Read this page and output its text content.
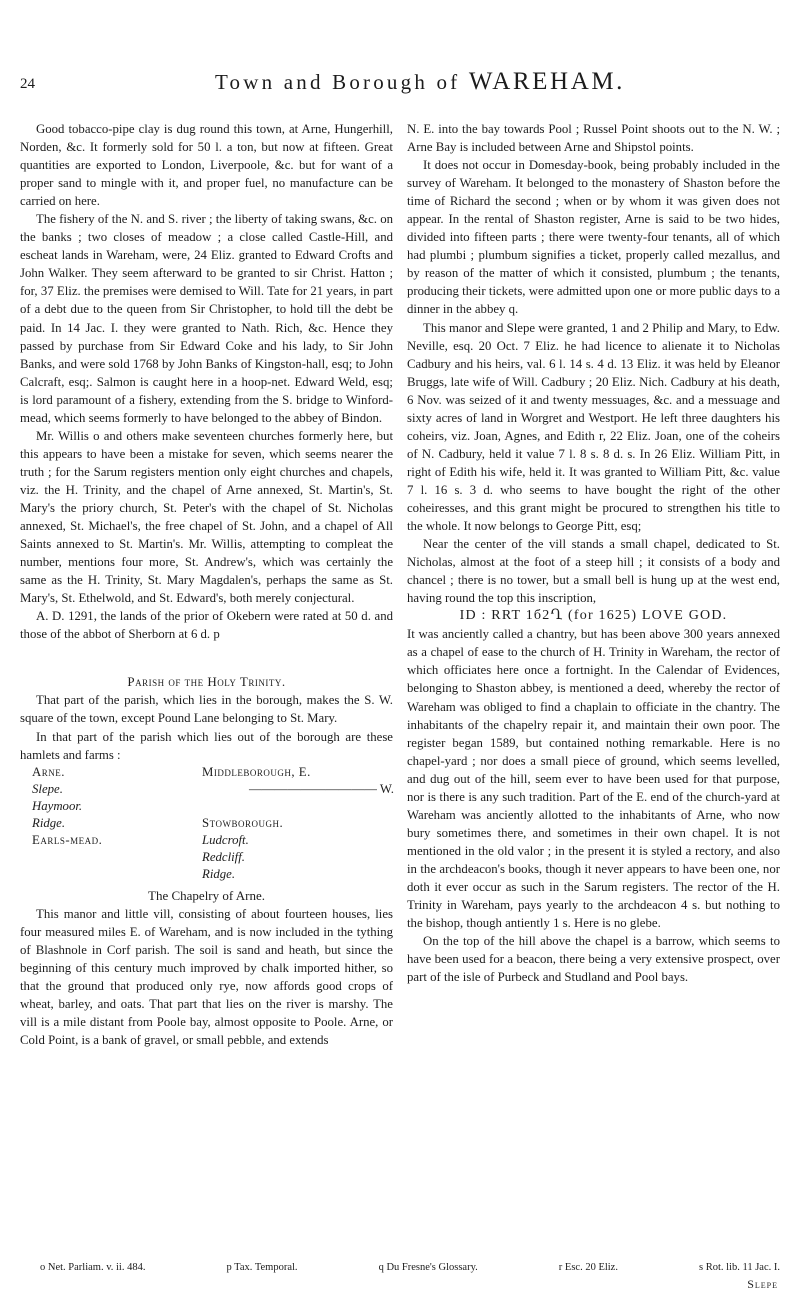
24	Town and Borough of WAREHAM.

Good tobacco-pipe clay is dug round this town, at Arne, Hungerhill, Norden, &c. It formerly sold for 50 l. a ton, but now at fifteen. Great quantities are exported to London, Liverpoole, &c. but for want of a proper sand to mingle with it, and proper fuel, no manufacture can be carried on here.

The fishery of the N. and S. river ; the liberty of taking swans, &c. on the banks ; two closes of meadow ; a close called Castle-Hill, and escheat lands in Wareham, were, 24 Eliz. granted to Edward Crofts and John Walker. They seem afterward to be granted to sir Christ. Hatton ; for, 37 Eliz. the premises were demised to Will. Tate for 21 years, in part of a debt due to the queen from Sir Christopher, to hold till the debt be paid. In 14 Jac. I. they were granted to Nath. Rich, &c. Hence they passed by purchase from Sir Edward Coke and his lady, to Sir John Banks, and were sold 1768 by John Banks of Kingston-hall, esq; to John Calcraft, esq;. Salmon is caught here in a hoop-net. Edward Weld, esq; is lord paramount of a fishery, extending from the S. bridge to Winford-mead, which seems formerly to have belonged to the abbey of Bindon.

Mr. Willis o and others make seventeen churches formerly here, but this appears to have been a mistake for seven, which seems nearer the truth ; for the Sarum registers mention only eight churches and chapels, viz. the H. Trinity, and the chapel of Arne annexed, St. Martin's, St. Mary's the priory church, St. Peter's with the chapel of St. Nicholas annexed, St. Michael's, the free chapel of St. John, and a chapel of All Saints annexed to St. Martin's. Mr. Willis, attempting to compleat the number, mentions four more, St. Andrew's, which was certainly the same as the H. Trinity, St. Mary Magdalen's, perhaps the same as St. Mary's, St. Ethelwold, and St. Edward's, both merely conjectural.

A. D. 1291, the lands of the prior of Okebern were rated at 50 d. and those of the abbot of Sherborn at 6 d. p

Parish of the Holy Trinity.

That part of the parish, which lies in the borough, makes the S. W. square of the town, except Pound Lane belonging to St. Mary.

In that part of the parish which lies out of the borough are these hamlets and farms :

Arne.	Middleborough, E.
Slepe.	—————————— W.
Haymoor.
Ridge.	Stowborough.
Earls-mead.	Ludcroft.
Redcliff.
Ridge.

The Chapelry of Arne.

This manor and little vill, consisting of about fourteen houses, lies four measured miles E. of Wareham, and is now included in the tything of Blashnole in Corf parish. The soil is sand and heath, but since the beginning of this century much improved by chalk imported hither, so that the ground that produced only rye, now affords good crops of wheat, barley, and oats. That part that lies on the river is marshy. The vill is a mile distant from Poole bay, almost opposite to Poole. Arne, or Cold Point, is a bank of gravel, or small pebble, and extends

N. E. into the bay towards Pool ; Russel Point shoots out to the N. W. ; Arne Bay is included between Arne and Shipstol points.

It does not occur in Domesday-book, being probably included in the survey of Wareham. It belonged to the monastery of Shaston before the time of Richard the second ; when or by whom it was given does not appear. In the rental of Shaston register, Arne is said to be two hides, divided into fifteen parts ; there were twenty-four tenants, all of which had plumbi ; plumbum signifies a ticket, properly called mezallus, and by reason of the matter of which it consisted, plumbum ; the tenants, producing their tickets, were admitted upon one or more public days to a dinner in the abbey q.

This manor and Slepe were granted, 1 and 2 Philip and Mary, to Edw. Neville, esq. 20 Oct. 7 Eliz. he had licence to alienate it to Nicholas Cadbury and his heirs, val. 6 l. 14 s. 4 d. 13 Eliz. it was held by Eleanor Bruggs, late wife of Will. Cadbury ; 20 Eliz. Nich. Cadbury at his death, 6 Nov. was seized of it and twenty messuages, &c. and a messuage and sixty acres of land in Worgret and Westport. He left three daughters his coheirs, viz. Joan, Agnes, and Edith r, 22 Eliz. Joan, one of the coheirs of N. Cadbury, held it value 7 l. 8 s. 8 d. s. In 26 Eliz. William Pitt, in right of Edith his wife, held it. It was granted to William Pitt, &c. value 7 l. 16 s. 3 d. who seems to have bought the right of the other coheiresses, and this grant might be procured to strengthen his title to the whole. It now belongs to George Pitt, esq;

Near the center of the vill stands a small chapel, dedicated to St. Nicholas, almost at the foot of a steep hill ; it consists of a body and chancel ; there is no tower, but a small bell is hung up at the west end, having round the top this inscription,

ID : RRT 1б2Ղ (for 1625) LOVE GOD.

It was anciently called a chantry, but has been above 300 years annexed as a chapel of ease to the church of H. Trinity in Wareham, the rector of which officiates here once a fortnight. In the Calendar of Evidences, belonging to Shaston abbey, is mentioned a deed, whereby the rector of Wareham was obliged to find a chaplain to officiate in the chantry. The inhabitants of the chapelry repair it, and maintain their own poor. The register began 1589, but contained nothing remarkable. Here is no chapel-yard ; nor does a small piece of ground, which seems levelled, and dug out of the hill, seem ever to have been used for that purpose, nor is there is any such tradition. Part of the E. end of the church-yard at Wareham was anciently allotted to the inhabitants of Arne, who now bury sometimes there, and sometimes in their own chapel. It is not mentioned in the old valor ; in the present it is styled a rectory, and also in the archdeacon's books, though it never appears to have been one, nor doth it ever occur as such in the Sarum registers. The rector of the H. Trinity in Wareham, pays yearly to the archdeacon 4 s. but nothing to the bishop, though antiently 1 s. Here is no glebe.

On the top of the hill above the chapel is a barrow, which seems to have been used for a beacon, there being a very extensive prospect, over part of the isle of Purbeck and Studland and Pool bays.

o Net. Parliam. v. ii. 484.	p Tax. Temporal.	q Du Fresne's Glossary.	r Esc. 20 Eliz.	s Rot. lib. 11 Jac. I.
Slepe
